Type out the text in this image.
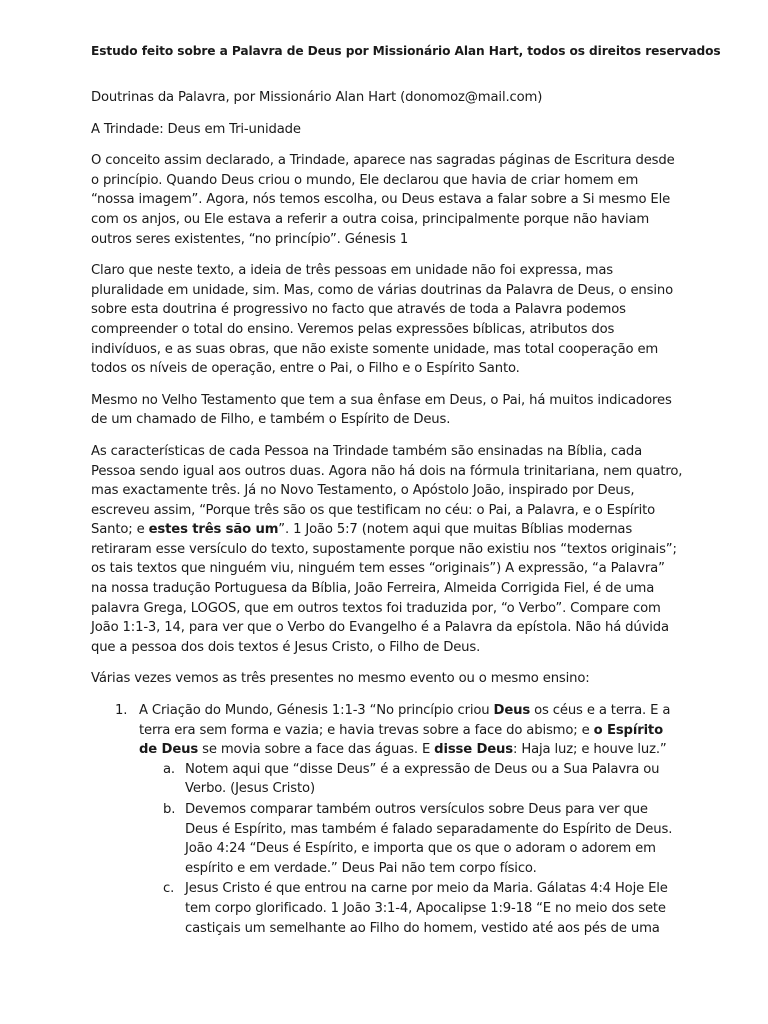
Estudo feito sobre a Palavra de Deus por Missionário Alan Hart, todos os direitos reservados

Doutrinas da Palavra, por Missionário Alan Hart (donomoz@mail.com)

A Trindade: Deus em Tri-unidade

O conceito assim declarado, a Trindade, aparece nas sagradas páginas de Escritura desde o princípio. Quando Deus criou o mundo, Ele declarou que havia de criar homem em “nossa imagem”. Agora, nós temos escolha, ou Deus estava a falar sobre a Si mesmo Ele com os anjos, ou Ele estava a referir a outra coisa, principalmente porque não haviam outros seres existentes, “no princípio”. Génesis 1

Claro que neste texto, a ideia de três pessoas em unidade não foi expressa, mas pluralidade em unidade, sim. Mas, como de várias doutrinas da Palavra de Deus, o ensino sobre esta doutrina é progressivo no facto que através de toda a Palavra podemos compreender o total do ensino. Veremos pelas expressões bíblicas, atributos dos indivíduos, e as suas obras, que não existe somente unidade, mas total cooperação em todos os níveis de operação, entre o Pai, o Filho e o Espírito Santo.

Mesmo no Velho Testamento que tem a sua ênfase em Deus, o Pai, há muitos indicadores de um chamado de Filho, e também o Espírito de Deus.

As características de cada Pessoa na Trindade também são ensinadas na Bíblia, cada Pessoa sendo igual aos outros duas. Agora não há dois na fórmula trinitariana, nem quatro, mas exactamente três. Já no Novo Testamento, o Apóstolo João, inspirado por Deus, escreveu assim, “Porque três são os que testificam no céu: o Pai, a Palavra, e o Espírito Santo; e estes três são um”. 1 João 5:7 (notem aqui que muitas Bíblias modernas retiraram esse versículo do texto, supostamente porque não existiu nos “textos originais”; os tais textos que ninguém viu, ninguém tem esses “originais”) A expressão, “a Palavra” na nossa tradução Portuguesa da Bíblia, João Ferreira, Almeida Corrigida Fiel, é de uma palavra Grega, LOGOS, que em outros textos foi traduzida por, “o Verbo”. Compare com João 1:1-3, 14, para ver que o Verbo do Evangelho é a Palavra da epístola. Não há dúvida que a pessoa dos dois textos é Jesus Cristo, o Filho de Deus.

Várias vezes vemos as três presentes no mesmo evento ou o mesmo ensino:

1. A Criação do Mundo, Génesis 1:1-3 “No princípio criou Deus os céus e a terra. E a terra era sem forma e vazia; e havia trevas sobre a face do abismo; e o Espírito de Deus se movia sobre a face das águas. E disse Deus: Haja luz; e houve luz.”
a. Notem aqui que “disse Deus” é a expressão de Deus ou a Sua Palavra ou Verbo. (Jesus Cristo)
b. Devemos comparar também outros versículos sobre Deus para ver que Deus é Espírito, mas também é falado separadamente do Espírito de Deus. João 4:24 “Deus é Espírito, e importa que os que o adoram o adorem em espírito e em verdade.” Deus Pai não tem corpo físico.
c. Jesus Cristo é que entrou na carne por meio da Maria. Gálatas 4:4 Hoje Ele tem corpo glorificado. 1 João 3:1-4, Apocalipse 1:9-18 “E no meio dos sete castiçais um semelhante ao Filho do homem, vestido até aos pés de uma
